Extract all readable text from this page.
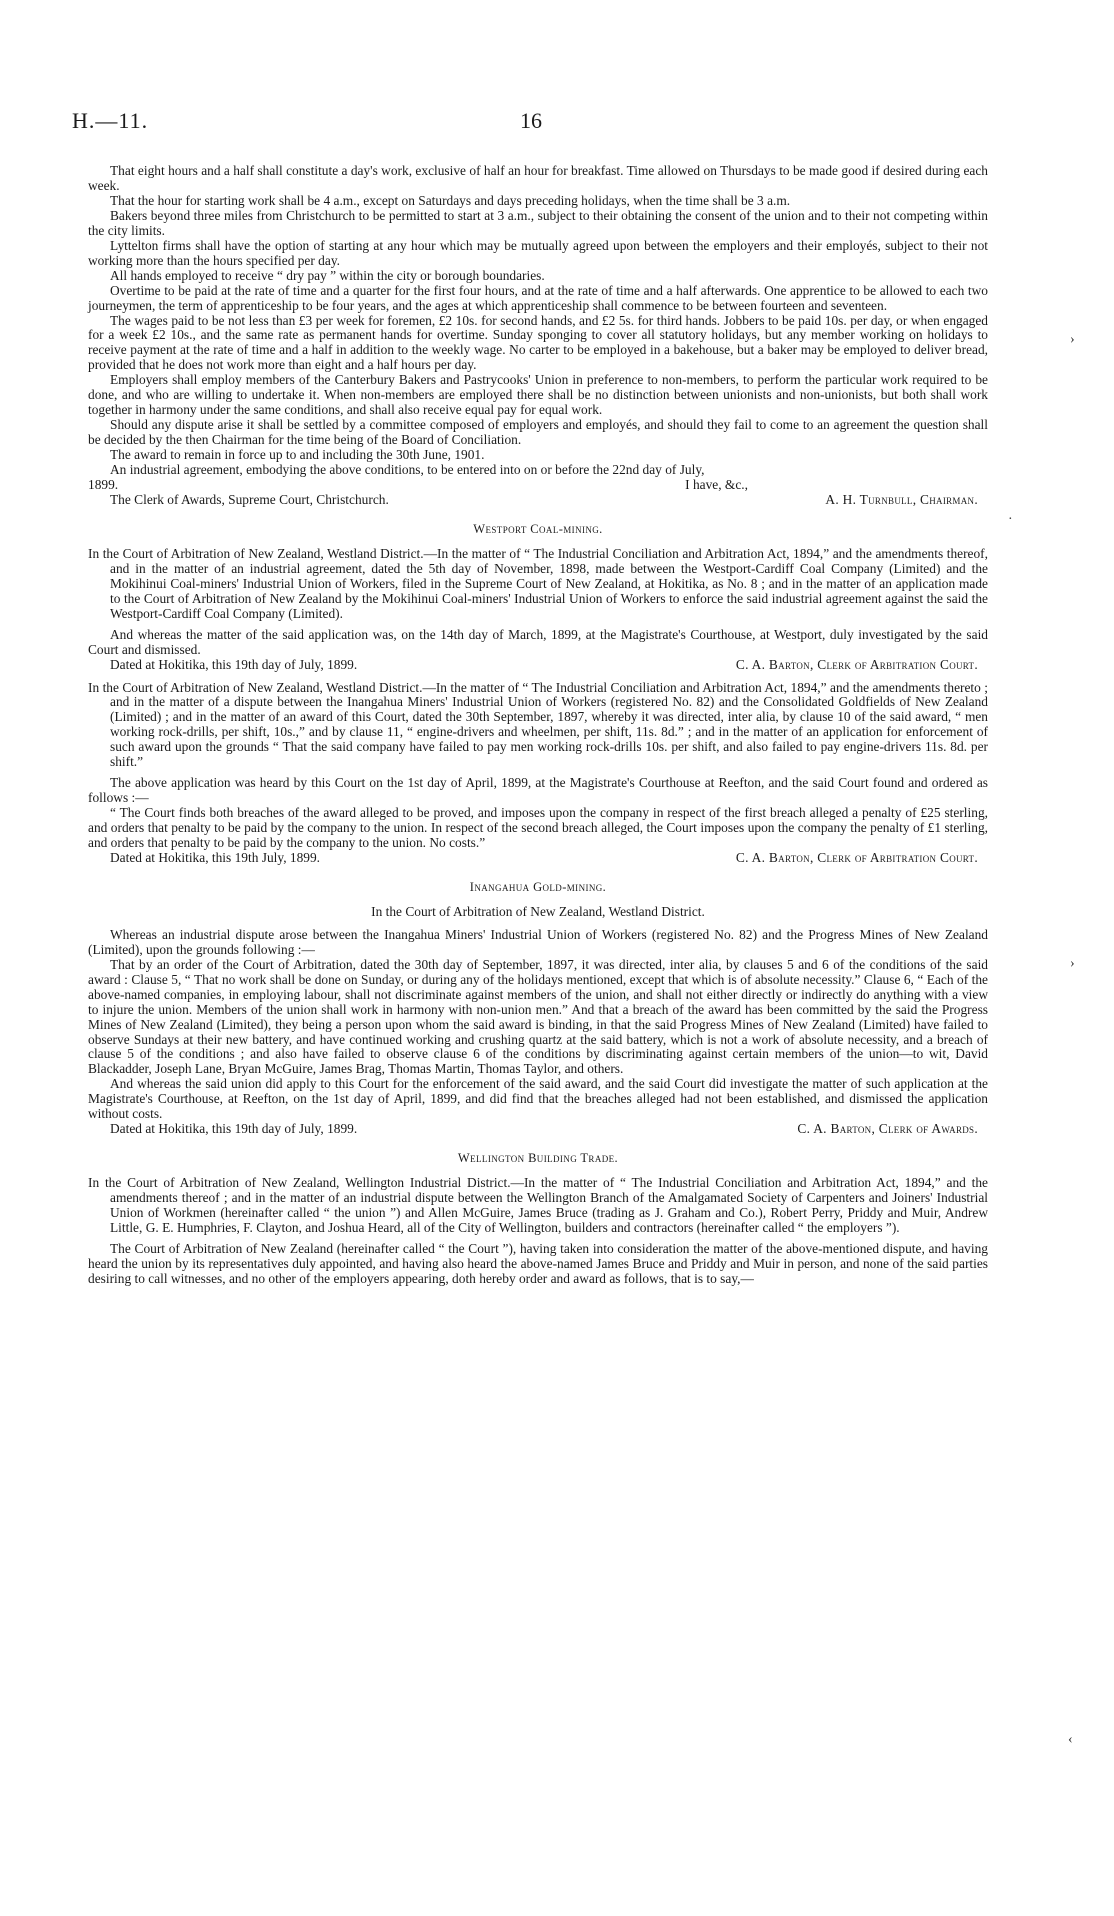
H.—11.	16

That eight hours and a half shall constitute a day's work, exclusive of half an hour for breakfast. Time allowed on Thursdays to be made good if desired during each week.

That the hour for starting work shall be 4 a.m., except on Saturdays and days preceding holidays, when the time shall be 3 a.m.

Bakers beyond three miles from Christchurch to be permitted to start at 3 a.m., subject to their obtaining the consent of the union and to their not competing within the city limits.

Lyttelton firms shall have the option of starting at any hour which may be mutually agreed upon between the employers and their employés, subject to their not working more than the hours specified per day.

All hands employed to receive “ dry pay ” within the city or borough boundaries.

Overtime to be paid at the rate of time and a quarter for the first four hours, and at the rate of time and a half afterwards. One apprentice to be allowed to each two journeymen, the term of apprenticeship to be four years, and the ages at which apprenticeship shall commence to be between fourteen and seventeen.

The wages paid to be not less than £3 per week for foremen, £2 10s. for second hands, and £2 5s. for third hands. Jobbers to be paid 10s. per day, or when engaged for a week £2 10s., and the same rate as permanent hands for overtime. Sunday sponging to cover all statutory holidays, but any member working on holidays to receive payment at the rate of time and a half in addition to the weekly wage. No carter to be employed in a bakehouse, but a baker may be employed to deliver bread, provided that he does not work more than eight and a half hours per day.

Employers shall employ members of the Canterbury Bakers and Pastrycooks' Union in preference to non-members, to perform the particular work required to be done, and who are willing to undertake it. When non-members are employed there shall be no distinction between unionists and non-unionists, but both shall work together in harmony under the same conditions, and shall also receive equal pay for equal work.

Should any dispute arise it shall be settled by a committee composed of employers and employés, and should they fail to come to an agreement the question shall be decided by the then Chairman for the time being of the Board of Conciliation.

The award to remain in force up to and including the 30th June, 1901.

An industrial agreement, embodying the above conditions, to be entered into on or before the 22nd day of July,

1899.	I have, &c.,
The Clerk of Awards, Supreme Court, Christchurch.	A. H. Turnbull, Chairman.
Westport Coal-mining.

In the Court of Arbitration of New Zealand, Westland District.—In the matter of “ The Industrial Conciliation and Arbitration Act, 1894,” and the amendments thereof, and in the matter of an industrial agreement, dated the 5th day of November, 1898, made between the Westport-Cardiff Coal Company (Limited) and the Mokihinui Coal-miners' Industrial Union of Workers, filed in the Supreme Court of New Zealand, at Hokitika, as No. 8 ; and in the matter of an application made to the Court of Arbitration of New Zealand by the Mokihinui Coal-miners' Industrial Union of Workers to enforce the said industrial agreement against the said the Westport-Cardiff Coal Company (Limited).

And whereas the matter of the said application was, on the 14th day of March, 1899, at the Magistrate's Courthouse, at Westport, duly investigated by the said Court and dismissed.

Dated at Hokitika, this 19th day of July, 1899.	C. A. Barton, Clerk of Arbitration Court.

In the Court of Arbitration of New Zealand, Westland District.—In the matter of “ The Industrial Conciliation and Arbitration Act, 1894,” and the amendments thereto ; and in the matter of a dispute between the Inangahua Miners' Industrial Union of Workers (registered No. 82) and the Consolidated Goldfields of New Zealand (Limited) ; and in the matter of an award of this Court, dated the 30th September, 1897, whereby it was directed, inter alia, by clause 10 of the said award, “ men working rock-drills, per shift, 10s.,” and by clause 11, “ engine-drivers and wheelmen, per shift, 11s. 8d.” ; and in the matter of an application for enforcement of such award upon the grounds “ That the said company have failed to pay men working rock-drills 10s. per shift, and also failed to pay engine-drivers 11s. 8d. per shift.”

The above application was heard by this Court on the 1st day of April, 1899, at the Magistrate's Courthouse at Reefton, and the said Court found and ordered as follows :—

“ The Court finds both breaches of the award alleged to be proved, and imposes upon the company in respect of the first breach alleged a penalty of £25 sterling, and orders that penalty to be paid by the company to the union. In respect of the second breach alleged, the Court imposes upon the company the penalty of £1 sterling, and orders that penalty to be paid by the company to the union. No costs.”

Dated at Hokitika, this 19th July, 1899.	C. A. Barton, Clerk of Arbitration Court.
Inangahua Gold-mining.

In the Court of Arbitration of New Zealand, Westland District.

Whereas an industrial dispute arose between the Inangahua Miners' Industrial Union of Workers (registered No. 82) and the Progress Mines of New Zealand (Limited), upon the grounds following :—

That by an order of the Court of Arbitration, dated the 30th day of September, 1897, it was directed, inter alia, by clauses 5 and 6 of the conditions of the said award : Clause 5, “ That no work shall be done on Sunday, or during any of the holidays mentioned, except that which is of absolute necessity.” Clause 6, “ Each of the above-named companies, in employing labour, shall not discriminate against members of the union, and shall not either directly or indirectly do anything with a view to injure the union. Members of the union shall work in harmony with non-union men.” And that a breach of the award has been committed by the said the Progress Mines of New Zealand (Limited), they being a person upon whom the said award is binding, in that the said Progress Mines of New Zealand (Limited) have failed to observe Sundays at their new battery, and have continued working and crushing quartz at the said battery, which is not a work of absolute necessity, and a breach of clause 5 of the conditions ; and also have failed to observe clause 6 of the conditions by discriminating against certain members of the union—to wit, David Blackadder, Joseph Lane, Bryan McGuire, James Brag, Thomas Martin, Thomas Taylor, and others.

And whereas the said union did apply to this Court for the enforcement of the said award, and the said Court did investigate the matter of such application at the Magistrate's Courthouse, at Reefton, on the 1st day of April, 1899, and did find that the breaches alleged had not been established, and dismissed the application without costs.

Dated at Hokitika, this 19th day of July, 1899.	C. A. Barton, Clerk of Awards.
Wellington Building Trade.

In the Court of Arbitration of New Zealand, Wellington Industrial District.—In the matter of “ The Industrial Conciliation and Arbitration Act, 1894,” and the amendments thereof ; and in the matter of an industrial dispute between the Wellington Branch of the Amalgamated Society of Carpenters and Joiners' Industrial Union of Workmen (hereinafter called “ the union ”) and Allen McGuire, James Bruce (trading as J. Graham and Co.), Robert Perry, Priddy and Muir, Andrew Little, G. E. Humphries, F. Clayton, and Joshua Heard, all of the City of Wellington, builders and contractors (hereinafter called “ the employers ”).

The Court of Arbitration of New Zealand (hereinafter called “ the Court ”), having taken into consideration the matter of the above-mentioned dispute, and having heard the union by its representatives duly appointed, and having also heard the above-named James Bruce and Priddy and Muir in person, and none of the said parties desiring to call witnesses, and no other of the employers appearing, doth hereby order and award as follows, that is to say,—

›
·
›
‹
